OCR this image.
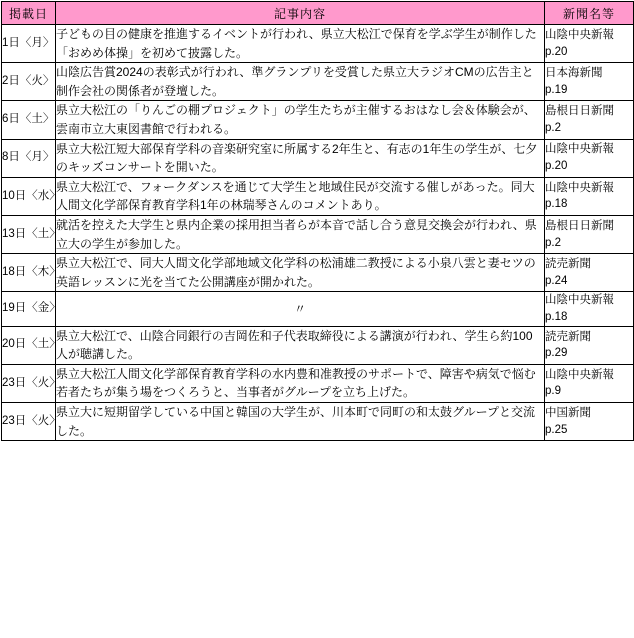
掲載日	記事内容	新聞名等
1日〈月〉	子どもの目の健康を推進するイベントが行われ、県立大松江で保育を学ぶ学生が制作した「おめめ体操」を初めて披露した。	山陰中央新報
p.20

2日〈火〉	山陰広告賞2024の表彰式が行われ、準グランプリを受賞した県立大ラジオCMの広告主と制作会社の関係者が登壇した。	日本海新聞
p.19

6日〈土〉	県立大松江の「りんごの棚プロジェクト」の学生たちが主催するおはなし会＆体験会が、雲南市立大東図書館で行われる。	島根日日新聞
p.2

8日〈月〉	県立大松江短大部保育学科の音楽研究室に所属する2年生と、有志の1年生の学生が、七夕のキッズコンサートを開いた。	山陰中央新報
p.20

10日〈水〉	県立大松江で、フォークダンスを通じて大学生と地域住民が交流する催しがあった。同大人間文化学部保育教育学科1年の林瑞琴さんのコメントあり。	山陰中央新報
p.18

13日〈土〉	就活を控えた大学生と県内企業の採用担当者らが本音で話し合う意見交換会が行われ、県立大の学生が参加した。	島根日日新聞
p.2

18日〈木〉	県立大松江で、同大人間文化学部地域文化学科の松浦雄二教授による小泉八雲と妻セツの英語レッスンに光を当てた公開講座が開かれた。	読売新聞
p.24

19日〈金〉	〃	山陰中央新報
p.18

20日〈土〉	県立大松江で、山陰合同銀行の吉岡佐和子代表取締役による講演が行われ、学生ら約100人が聴講した。	読売新聞
p.29

23日〈火〉	県立大松江人間文化学部保育教育学科の水内豊和准教授のサポートで、障害や病気で悩む若者たちが集う場をつくろうと、当事者がグループを立ち上げた。	山陰中央新報
p.9

23日〈火〉	県立大に短期留学している中国と韓国の大学生が、川本町で同町の和太鼓グループと交流した。	中国新聞
p.25
